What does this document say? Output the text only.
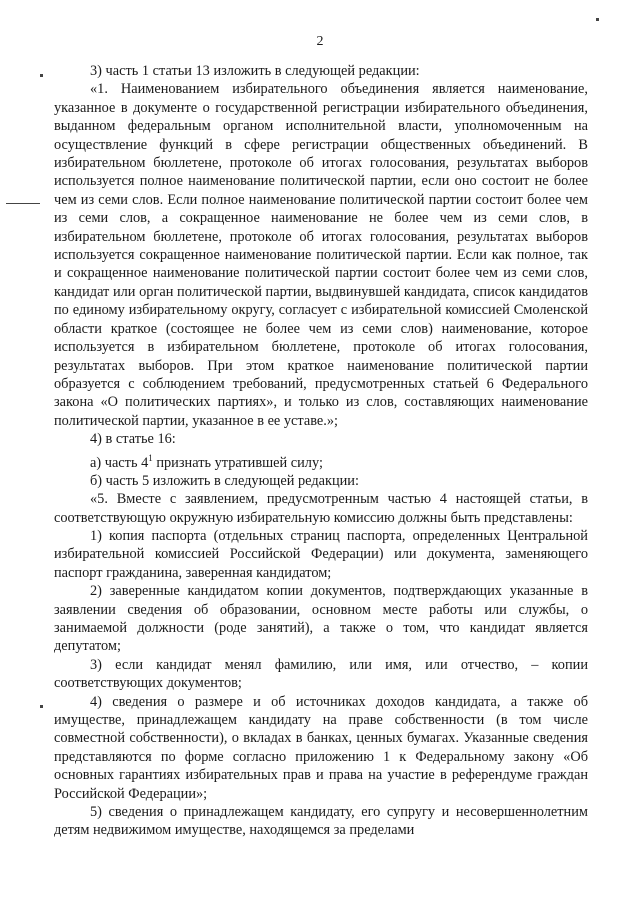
2

3) часть 1 статьи 13 изложить в следующей редакции:

«1. Наименованием избирательного объединения является наименование, указанное в документе о государственной регистрации избирательного объединения, выданном федеральным органом исполнительной власти, уполномоченным на осуществление функций в сфере регистрации общественных объединений. В избирательном бюллетене, протоколе об итогах голосования, результатах выборов используется полное наименование политической партии, если оно состоит не более чем из семи слов. Если полное наименование политической партии состоит более чем из семи слов, а сокращенное наименование не более чем из семи слов, в избирательном бюллетене, протоколе об итогах голосования, результатах выборов используется сокращенное наименование политической партии. Если как полное, так и сокращенное наименование политической партии состоит более чем из семи слов, кандидат или орган политической партии, выдвинувшей кандидата, список кандидатов по единому избирательному округу, согласует с избирательной комиссией Смоленской области краткое (состоящее не более чем из семи слов) наименование, которое используется в избирательном бюллетене, протоколе об итогах голосования, результатах выборов. При этом краткое наименование политической партии образуется с соблюдением требований, предусмотренных статьей 6 Федерального закона «О политических партиях», и только из слов, составляющих наименование политической партии, указанное в ее уставе.»;

4) в статье 16:

а) часть $4^1$ признать утратившей силу;

б) часть 5 изложить в следующей редакции:

«5. Вместе с заявлением, предусмотренным частью 4 настоящей статьи, в соответствующую окружную избирательную комиссию должны быть представлены:

1) копия паспорта (отдельных страниц паспорта, определенных Центральной избирательной комиссией Российской Федерации) или документа, заменяющего паспорт гражданина, заверенная кандидатом;

2) заверенные кандидатом копии документов, подтверждающих указанные в заявлении сведения об образовании, основном месте работы или службы, о занимаемой должности (роде занятий), а также о том, что кандидат является депутатом;

3) если кандидат менял фамилию, или имя, или отчество, – копии соответствующих документов;

4) сведения о размере и об источниках доходов кандидата, а также об имуществе, принадлежащем кандидату на праве собственности (в том числе совместной собственности), о вкладах в банках, ценных бумагах. Указанные сведения представляются по форме согласно приложению 1 к Федеральному закону «Об основных гарантиях избирательных прав и права на участие в референдуме граждан Российской Федерации»;

5) сведения о принадлежащем кандидату, его супругу и несовершеннолетним детям недвижимом имуществе, находящемся за пределами
